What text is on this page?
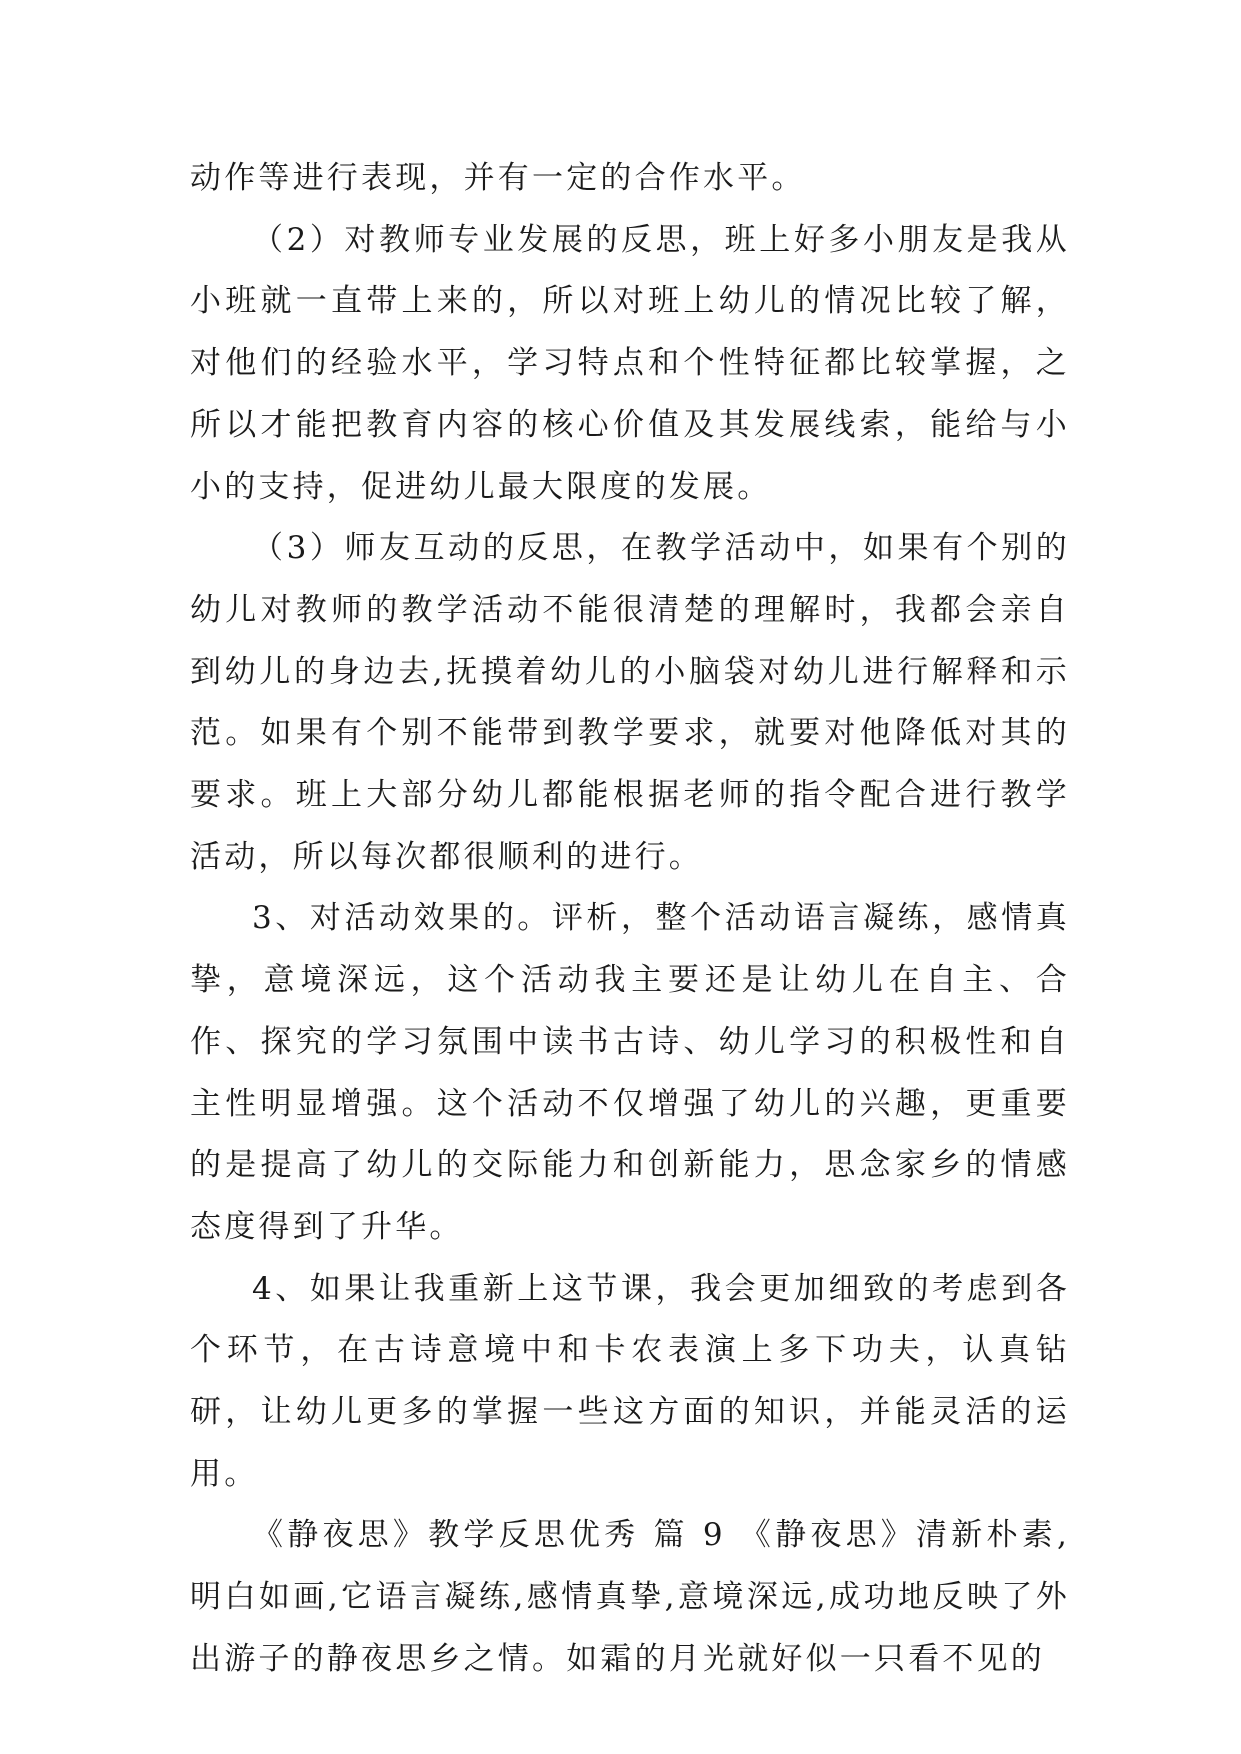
动作等进行表现，并有一定的合作水平。

（2）对教师专业发展的反思，班上好多小朋友是我从小班就一直带上来的，所以对班上幼儿的情况比较了解，对他们的经验水平，学习特点和个性特征都比较掌握，之所以才能把教育内容的核心价值及其发展线索，能给与小小的支持，促进幼儿最大限度的发展。

（3）师友互动的反思，在教学活动中，如果有个别的幼儿对教师的教学活动不能很清楚的理解时，我都会亲自到幼儿的身边去,抚摸着幼儿的小脑袋对幼儿进行解释和示范。如果有个别不能带到教学要求，就要对他降低对其的要求。班上大部分幼儿都能根据老师的指令配合进行教学活动，所以每次都很顺利的进行。

3、对活动效果的。评析，整个活动语言凝练，感情真挚，意境深远，这个活动我主要还是让幼儿在自主、合作、探究的学习氛围中读书古诗、幼儿学习的积极性和自主性明显增强。这个活动不仅增强了幼儿的兴趣，更重要的是提高了幼儿的交际能力和创新能力，思念家乡的情感态度得到了升华。

4、如果让我重新上这节课，我会更加细致的考虑到各个环节，在古诗意境中和卡农表演上多下功夫，认真钻研，让幼儿更多的掌握一些这方面的知识，并能灵活的运用。

《静夜思》教学反思优秀 篇 9 《静夜思》清新朴素,明白如画,它语言凝练,感情真挚,意境深远,成功地反映了外出游子的静夜思乡之情。如霜的月光就好似一只看不见的
